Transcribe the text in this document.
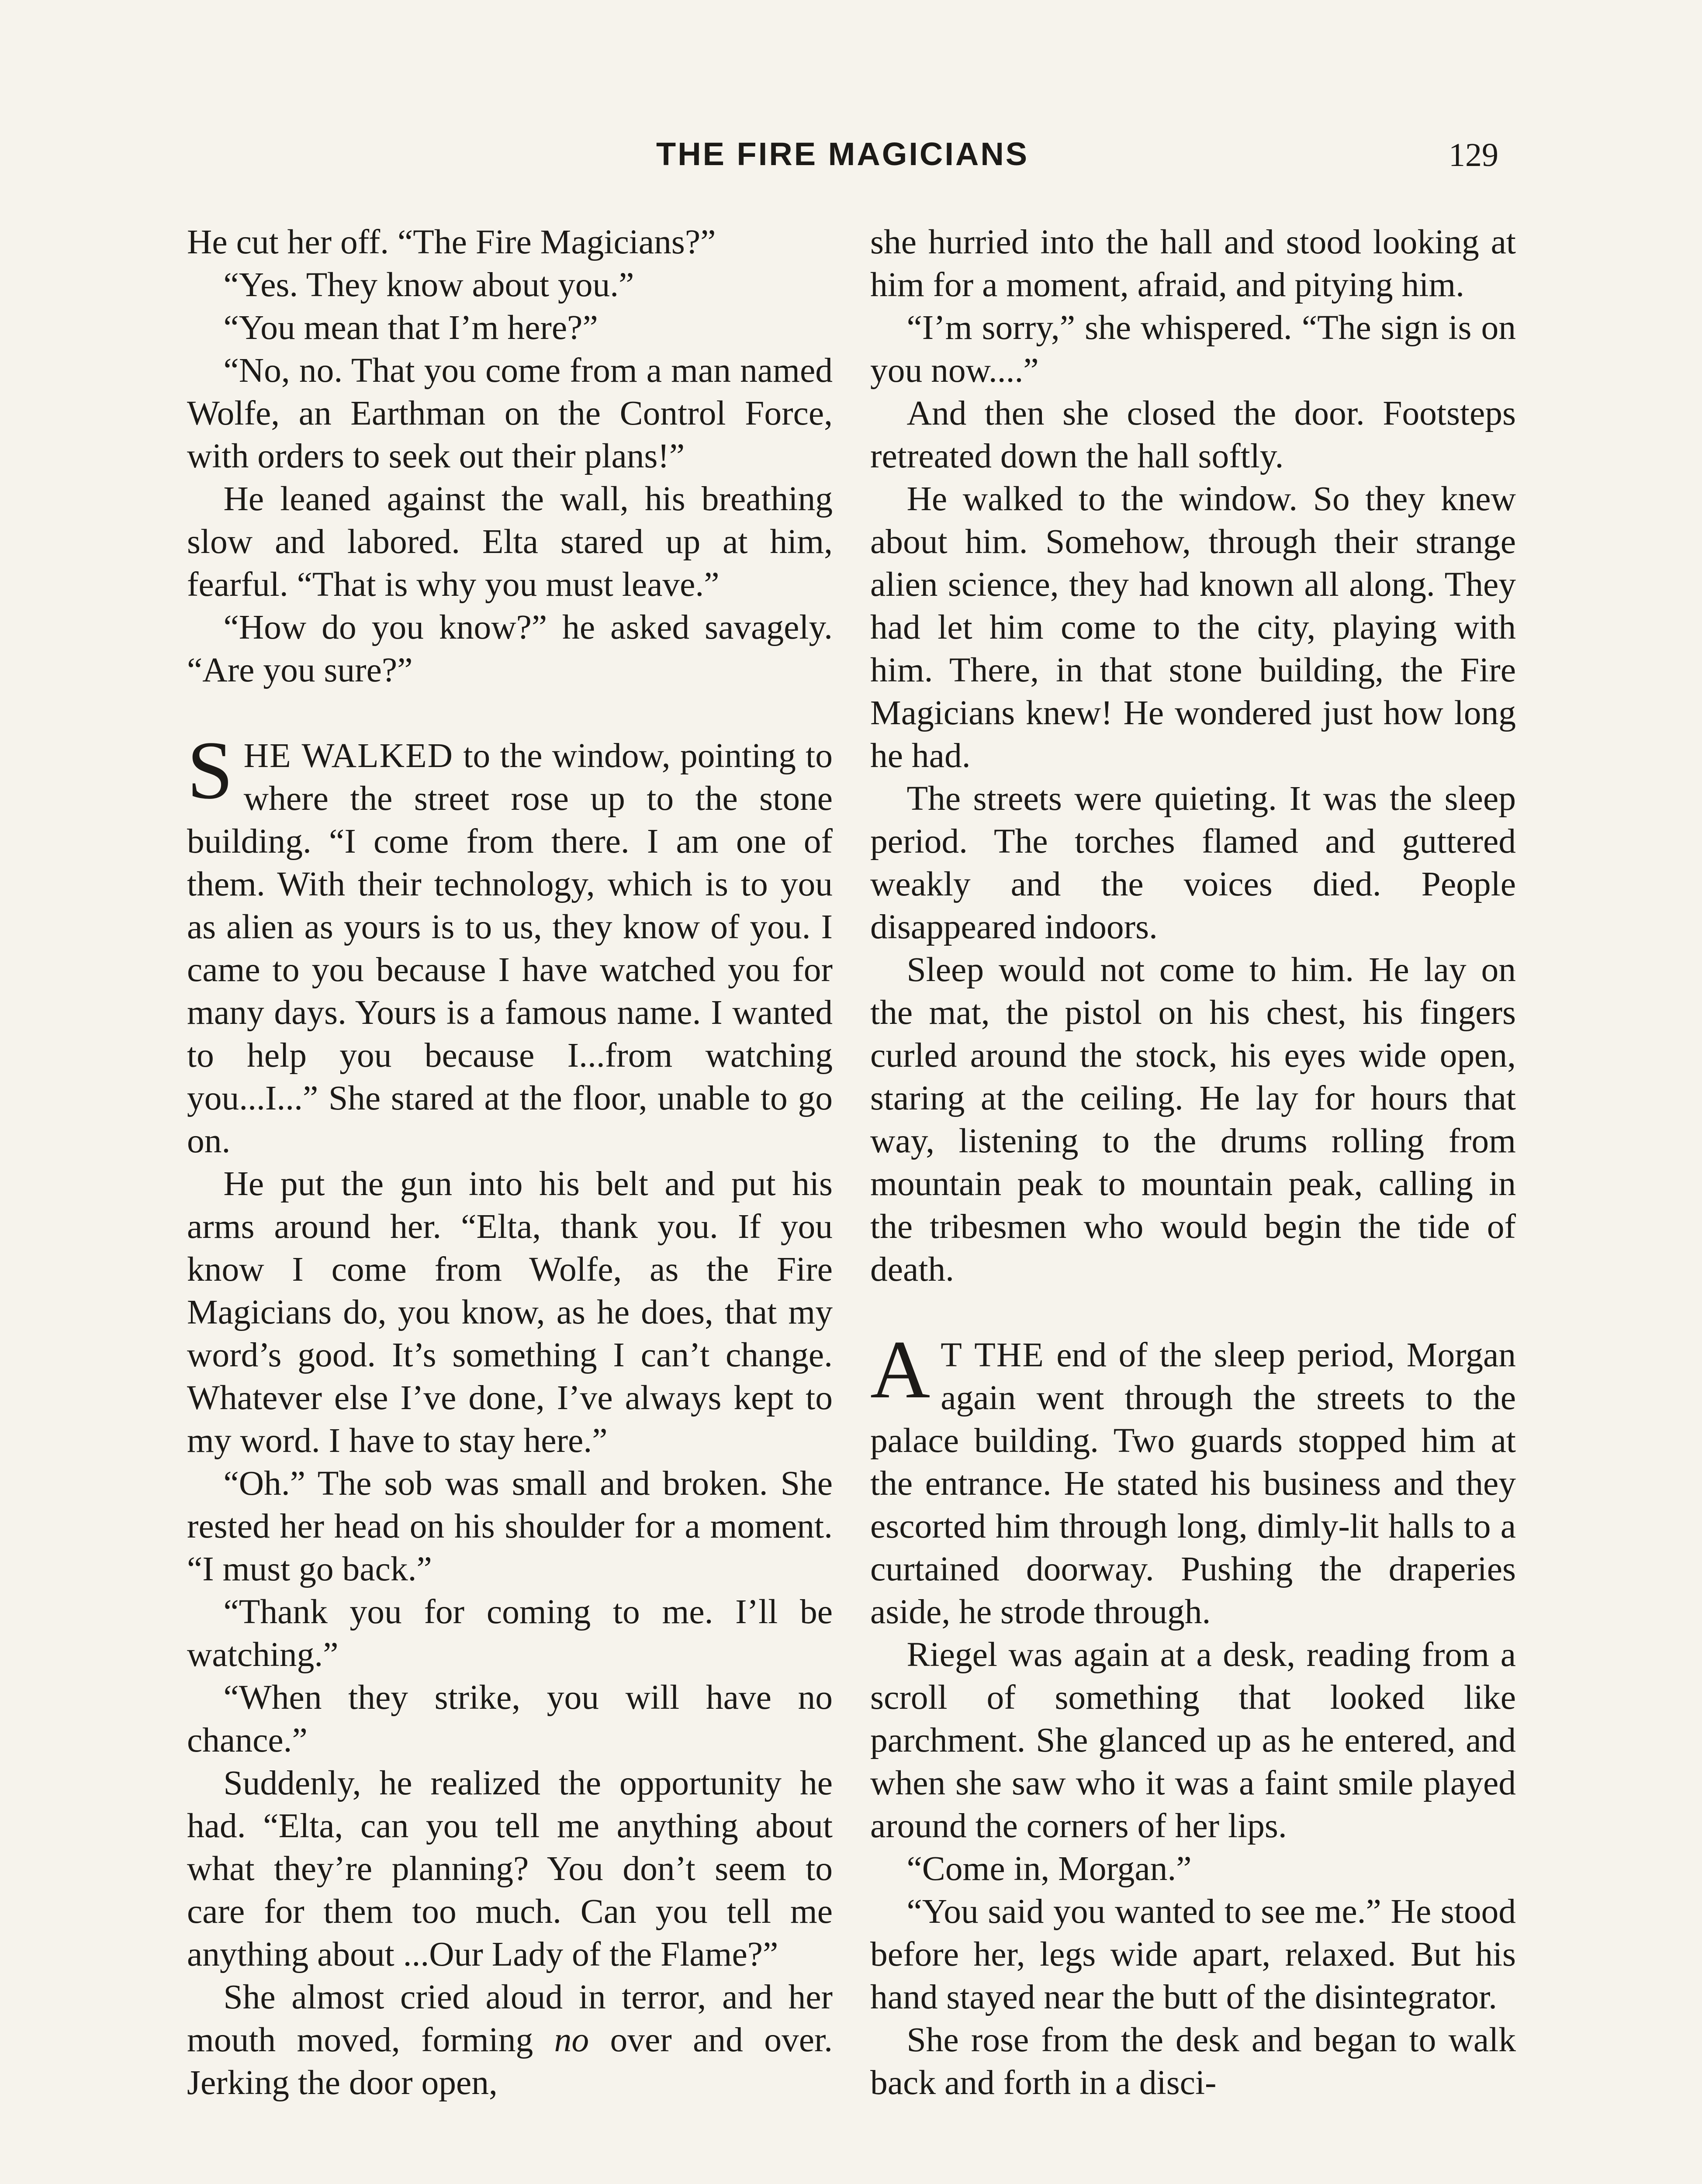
THE FIRE MAGICIANS	129

He cut her off. “The Fire Magicians?”

“Yes. They know about you.”

“You mean that I’m here?”

“No, no. That you come from a man named Wolfe, an Earthman on the Control Force, with orders to seek out their plans!”

He leaned against the wall, his breathing slow and labored. Elta stared up at him, fearful. “That is why you must leave.”

“How do you know?” he asked savagely. “Are you sure?”

SHE WALKED to the window, pointing to where the street rose up to the stone building. “I come from there. I am one of them. With their technology, which is to you as alien as yours is to us, they know of you. I came to you because I have watched you for many days. Yours is a famous name. I wanted to help you because I...from watching you...I...” She stared at the floor, unable to go on.

He put the gun into his belt and put his arms around her. “Elta, thank you. If you know I come from Wolfe, as the Fire Magicians do, you know, as he does, that my word’s good. It’s something I can’t change. Whatever else I’ve done, I’ve always kept to my word. I have to stay here.”

“Oh.” The sob was small and broken. She rested her head on his shoulder for a moment. “I must go back.”

“Thank you for coming to me. I’ll be watching.”

“When they strike, you will have no chance.”

Suddenly, he realized the opportunity he had. “Elta, can you tell me anything about what they’re planning? You don’t seem to care for them too much. Can you tell me anything about ...Our Lady of the Flame?”

She almost cried aloud in terror, and her mouth moved, forming no over and over. Jerking the door open,

she hurried into the hall and stood looking at him for a moment, afraid, and pitying him.

“I’m sorry,” she whispered. “The sign is on you now....”

And then she closed the door. Footsteps retreated down the hall softly.

He walked to the window. So they knew about him. Somehow, through their strange alien science, they had known all along. They had let him come to the city, playing with him. There, in that stone building, the Fire Magicians knew! He wondered just how long he had.

The streets were quieting. It was the sleep period. The torches flamed and guttered weakly and the voices died. People disappeared indoors.

Sleep would not come to him. He lay on the mat, the pistol on his chest, his fingers curled around the stock, his eyes wide open, staring at the ceiling. He lay for hours that way, listening to the drums rolling from mountain peak to mountain peak, calling in the tribesmen who would begin the tide of death.

A T THE end of the sleep period, Morgan again went through the streets to the palace building. Two guards stopped him at the entrance. He stated his business and they escorted him through long, dimly-lit halls to a curtained doorway. Pushing the draperies aside, he strode through.

Riegel was again at a desk, reading from a scroll of something that looked like parchment. She glanced up as he entered, and when she saw who it was a faint smile played around the corners of her lips.

“Come in, Morgan.”

“You said you wanted to see me.” He stood before her, legs wide apart, relaxed. But his hand stayed near the butt of the disintegrator.

She rose from the desk and began to walk back and forth in a disci-
